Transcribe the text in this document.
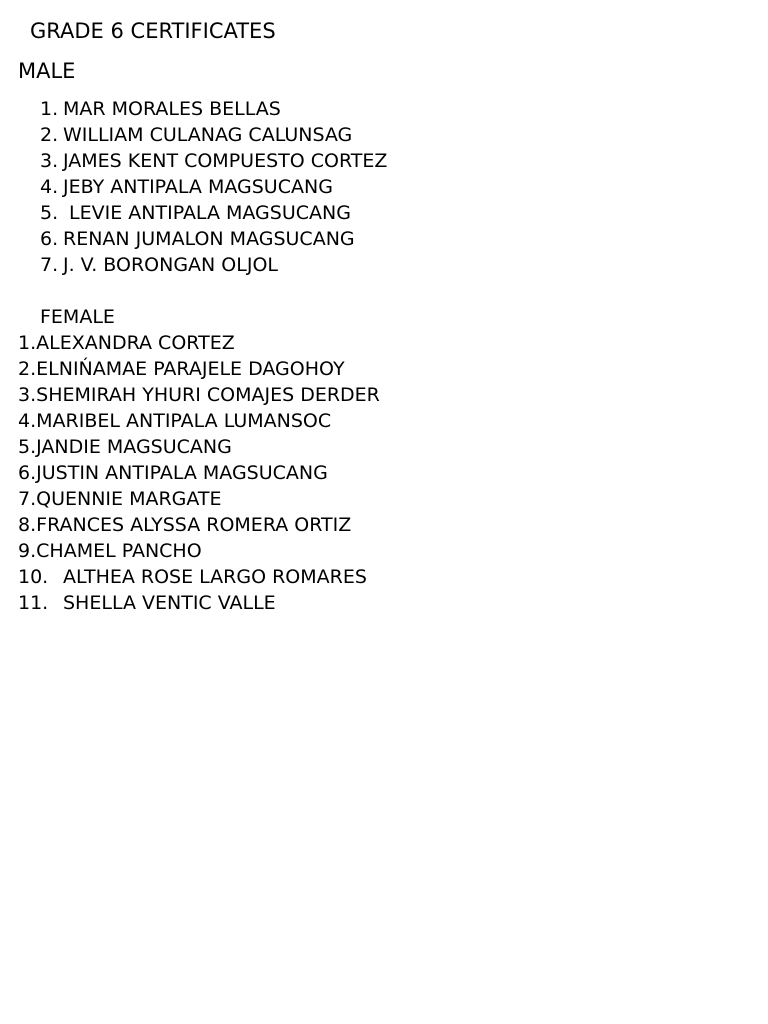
GRADE 6 CERTIFICATES
MALE
1. MAR MORALES BELLAS
2. WILLIAM CULANAG CALUNSAG
3. JAMES KENT COMPUESTO CORTEZ
4. JEBY ANTIPALA MAGSUCANG
5. LEVIE ANTIPALA MAGSUCANG
6. RENAN JUMALON MAGSUCANG
7. J. V. BORONGAN OLJOL
FEMALE
1.ALEXANDRA CORTEZ
2.ELNIŃAMAE PARAJELE DAGOHOY
3.SHEMIRAH YHURI COMAJES DERDER
4.MARIBEL ANTIPALA LUMANSOC
5.JANDIE MAGSUCANG
6.JUSTIN ANTIPALA MAGSUCANG
7.QUENNIE MARGATE
8.FRANCES ALYSSA ROMERA ORTIZ
9.CHAMEL PANCHO
10. ALTHEA ROSE LARGO ROMARES
11. SHELLA VENTIC VALLE
